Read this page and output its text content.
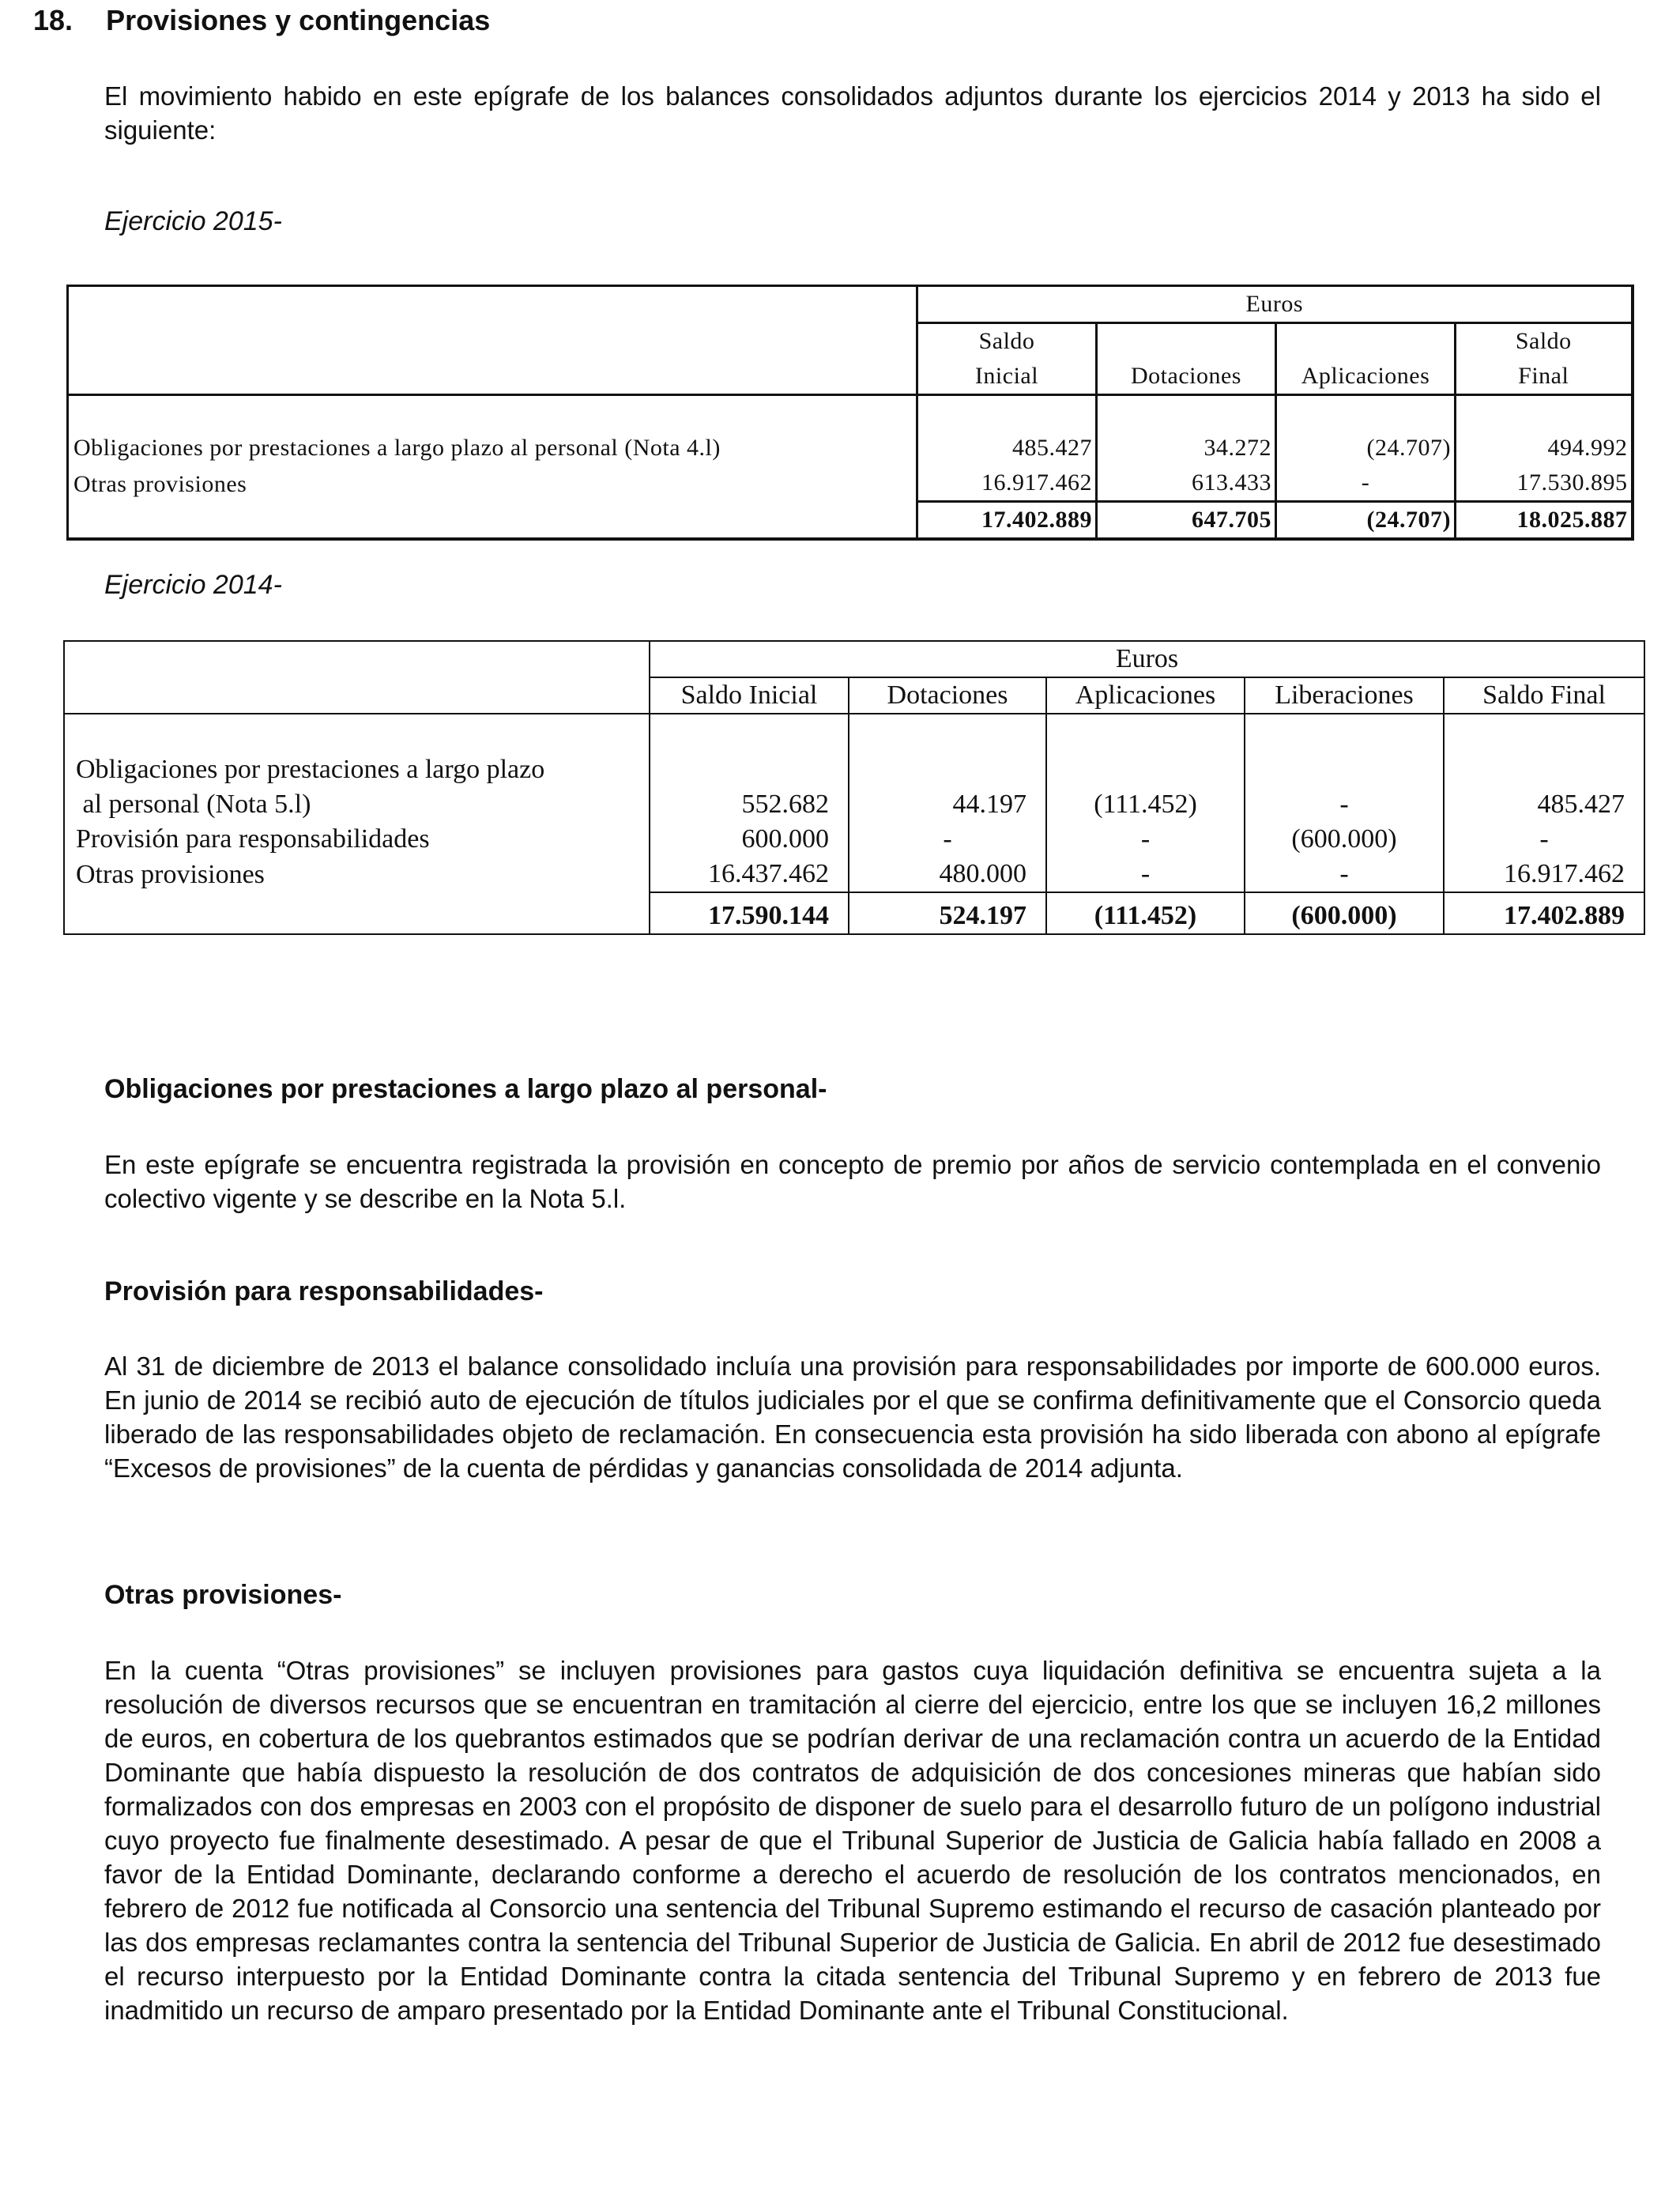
18. Provisiones y contingencias

El movimiento habido en este epígrafe de los balances consolidados adjuntos durante los ejercicios 2014 y 2013 ha sido el siguiente:

Ejercicio 2015-
	Euros			
	Saldo			Saldo
	Inicial	Dotaciones	Aplicaciones	Final

Obligaciones por prestaciones a largo plazo al personal (Nota 4.l)	485.427	34.272	(24.707)	494.992
Otras provisiones	16.917.462	613.433	-	17.530.895
	17.402.889	647.705	(24.707)	18.025.887
Ejercicio 2014-
	Euros				
	Saldo Inicial	Dotaciones	Aplicaciones	Liberaciones	Saldo Final

Obligaciones por prestaciones a largo plazo					
al personal (Nota 5.l)	552.682	44.197	(111.452)	-	485.427
Provisión para responsabilidades	600.000	-	-	(600.000)	-
Otras provisiones	16.437.462	480.000	-	-	16.917.462
	17.590.144	524.197	(111.452)	(600.000)	17.402.889
Obligaciones por prestaciones a largo plazo al personal-

En este epígrafe se encuentra registrada la provisión en concepto de premio por años de servicio contemplada en el convenio colectivo vigente y se describe en la Nota 5.l.

Provisión para responsabilidades-

Al 31 de diciembre de 2013 el balance consolidado incluía una provisión para responsabilidades por importe de 600.000 euros. En junio de 2014 se recibió auto de ejecución de títulos judiciales por el que se confirma definitivamente que el Consorcio queda liberado de las responsabilidades objeto de reclamación. En consecuencia esta provisión ha sido liberada con abono al epígrafe “Excesos de provisiones” de la cuenta de pérdidas y ganancias consolidada de 2014 adjunta.

Otras provisiones-

En la cuenta “Otras provisiones” se incluyen provisiones para gastos cuya liquidación definitiva se encuentra sujeta a la resolución de diversos recursos que se encuentran en tramitación al cierre del ejercicio, entre los que se incluyen 16,2 millones de euros, en cobertura de los quebrantos estimados que se podrían derivar de una reclamación contra un acuerdo de la Entidad Dominante que había dispuesto la resolución de dos contratos de adquisición de dos concesiones mineras que habían sido formalizados con dos empresas en 2003 con el propósito de disponer de suelo para el desarrollo futuro de un polígono industrial cuyo proyecto fue finalmente desestimado. A pesar de que el Tribunal Superior de Justicia de Galicia había fallado en 2008 a favor de la Entidad Dominante, declarando conforme a derecho el acuerdo de resolución de los contratos mencionados, en febrero de 2012 fue notificada al Consorcio una sentencia del Tribunal Supremo estimando el recurso de casación planteado por las dos empresas reclamantes contra la sentencia del Tribunal Superior de Justicia de Galicia. En abril de 2012 fue desestimado el recurso interpuesto por la Entidad Dominante contra la citada sentencia del Tribunal Supremo y en febrero de 2013 fue inadmitido un recurso de amparo presentado por la Entidad Dominante ante el Tribunal Constitucional.
